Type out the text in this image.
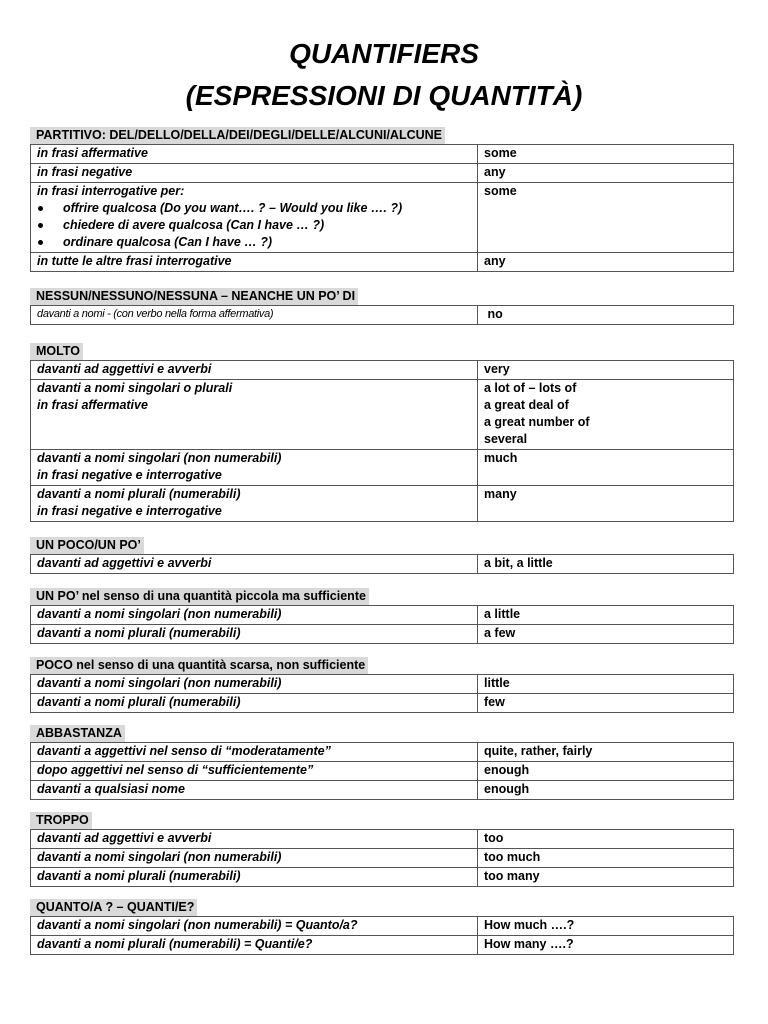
QUANTIFIERS
(ESPRESSIONI DI QUANTITÀ)
PARTITIVO: DEL/DELLO/DELLA/DEI/DEGLI/DELLE/ALCUNI/ALCUNE
in frasi affermative	some

in frasi negative	any

in frasi interrogative per:
offrire qualcosa (Do you want…. ? – Would you like …. ?)
chiedere di avere qualcosa (Can I have … ?)
ordinare qualcosa (Can I have … ?)	some

in tutte le altre frasi interrogative	any
NESSUN/NESSUNO/NESSUNA – NEANCHE UN PO’ DI
davanti a nomi - (con verbo nella forma affermativa)	no
MOLTO
davanti ad aggettivi e avverbi	very

davanti a nomi singolari o plurali
in frasi affermative	a lot of – lots of
a great deal of
a great number of
several

davanti a nomi singolari (non numerabili)
in frasi negative e interrogative	much

davanti a nomi plurali (numerabili)
in frasi negative e interrogative	many
UN POCO/UN PO’
davanti ad aggettivi e avverbi	a bit, a little
UN PO’ nel senso di una quantità piccola ma sufficiente
davanti a nomi singolari (non numerabili)	a little

davanti a nomi plurali (numerabili)	a few
POCO nel senso di una quantità scarsa, non sufficiente
davanti a nomi singolari (non numerabili)	little

davanti a nomi plurali (numerabili)	few
ABBASTANZA
davanti a aggettivi nel senso di “moderatamente”	quite, rather, fairly

dopo aggettivi nel senso di “sufficientemente”	enough

davanti a qualsiasi nome	enough
TROPPO
davanti ad aggettivi e avverbi	too

davanti a nomi singolari (non numerabili)	too much

davanti a nomi plurali (numerabili)	too many
QUANTO/A ? – QUANTI/E?
davanti a nomi singolari (non numerabili) = Quanto/a?	How much ….?

davanti a nomi plurali (numerabili) = Quanti/e?	How many ….?
